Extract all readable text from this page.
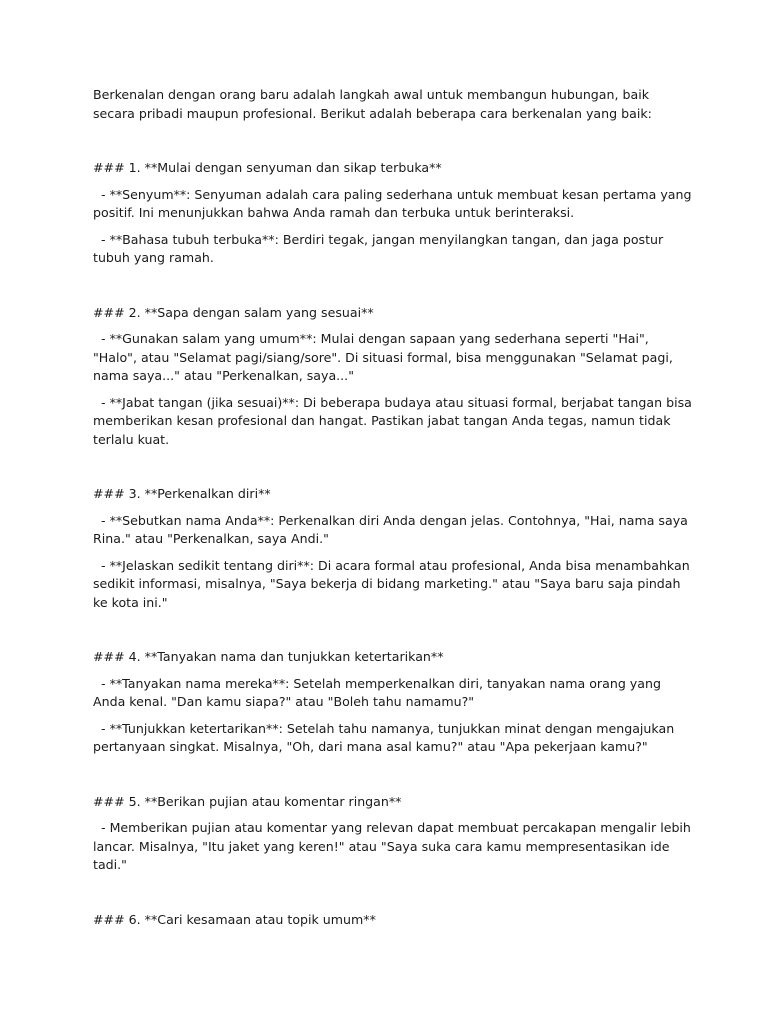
Berkenalan dengan orang baru adalah langkah awal untuk membangun hubungan, baik secara pribadi maupun profesional. Berikut adalah beberapa cara berkenalan yang baik:

### 1. **Mulai dengan senyuman dan sikap terbuka**

- **Senyum**: Senyuman adalah cara paling sederhana untuk membuat kesan pertama yang positif. Ini menunjukkan bahwa Anda ramah dan terbuka untuk berinteraksi.

- **Bahasa tubuh terbuka**: Berdiri tegak, jangan menyilangkan tangan, dan jaga postur tubuh yang ramah.

### 2. **Sapa dengan salam yang sesuai**

- **Gunakan salam yang umum**: Mulai dengan sapaan yang sederhana seperti "Hai", "Halo", atau "Selamat pagi/siang/sore". Di situasi formal, bisa menggunakan "Selamat pagi, nama saya..." atau "Perkenalkan, saya..."

- **Jabat tangan (jika sesuai)**: Di beberapa budaya atau situasi formal, berjabat tangan bisa memberikan kesan profesional dan hangat. Pastikan jabat tangan Anda tegas, namun tidak terlalu kuat.

### 3. **Perkenalkan diri**

- **Sebutkan nama Anda**: Perkenalkan diri Anda dengan jelas. Contohnya, "Hai, nama saya Rina." atau "Perkenalkan, saya Andi."

- **Jelaskan sedikit tentang diri**: Di acara formal atau profesional, Anda bisa menambahkan sedikit informasi, misalnya, "Saya bekerja di bidang marketing." atau "Saya baru saja pindah ke kota ini."

### 4. **Tanyakan nama dan tunjukkan ketertarikan**

- **Tanyakan nama mereka**: Setelah memperkenalkan diri, tanyakan nama orang yang Anda kenal. "Dan kamu siapa?" atau "Boleh tahu namamu?"

- **Tunjukkan ketertarikan**: Setelah tahu namanya, tunjukkan minat dengan mengajukan pertanyaan singkat. Misalnya, "Oh, dari mana asal kamu?" atau "Apa pekerjaan kamu?"

### 5. **Berikan pujian atau komentar ringan**

- Memberikan pujian atau komentar yang relevan dapat membuat percakapan mengalir lebih lancar. Misalnya, "Itu jaket yang keren!" atau "Saya suka cara kamu mempresentasikan ide tadi."

### 6. **Cari kesamaan atau topik umum**
